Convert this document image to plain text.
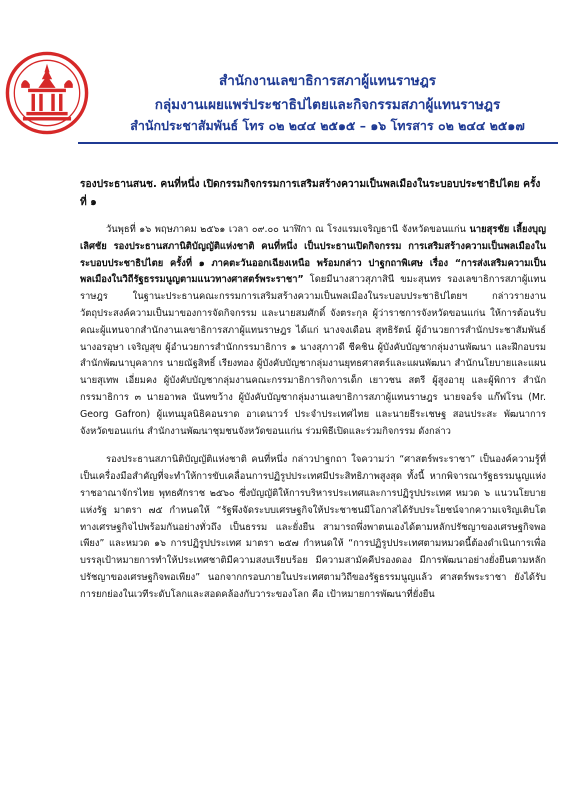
สำนักงานเลขาธิการสภาผู้แทนราษฎร
กลุ่มงานเผยแพร่ประชาธิปไตยและกิจกรรมสภาผู้แทนราษฎร
สำนักประชาสัมพันธ์ โทร ๐๒ ๒๔๔ ๒๕๑๕ – ๑๖ โทรสาร ๐๒ ๒๔๔ ๒๕๑๗

รองประธานสนช. คนที่หนึ่ง เปิดกรรมกิจกรรมการเสริมสร้างความเป็นพลเมืองในระบอบประชาธิปไตย ครั้งที่ ๑

วันพุธที่ ๑๖ พฤษภาคม ๒๕๖๑ เวลา ๐๙.๐๐ นาฬิกา ณ โรงแรมเจริญธานี จังหวัดขอนแก่น นายสุรชัย เลี้ยงบุญเลิศชัย รองประธานสภานิติบัญญัติแห่งชาติ คนที่หนึ่ง เป็นประธานเปิดกิจกรรม การเสริมสร้างความเป็นพลเมืองในระบอบประชาธิปไตย ครั้งที่ ๑ ภาคตะวันออกเฉียงเหนือ พร้อมกล่าว ปาฐกถาพิเศษ เรื่อง “การส่งเสริมความเป็นพลเมืองในวิถีรัฐธรรมนูญตามแนวทางศาสตร์พระราชา” โดยมีนางสาวสุภาสินี ขมะสุนทร รองเลขาธิการสภาผู้แทนราษฎร ในฐานะประธานคณะกรรมการเสริมสร้างความเป็นพลเมืองในระบอบประชาธิปไตยฯ กล่าวรายงานวัตถุประสงค์ความเป็นมาของการจัดกิจกรรม และนายสมศักดิ์ จังตระกุล ผู้ว่าราชการจังหวัดขอนแก่น ให้การต้อนรับ คณะผู้แทนจากสำนักงานเลขาธิการสภาผู้แทนราษฎร ได้แก่ นางจงเดือน สุทธิรัตน์ ผู้อำนวยการสำนักประชาสัมพันธ์ นางอรอุษา เจริญสุข ผู้อำนวยการสำนักกรรมาธิการ ๑ นางสุภาวดี ชีคชิน ผู้บังคับบัญชากลุ่มงานพัฒนา และฝึกอบรม สำนักพัฒนาบุคลากร นายณัฐสิทธิ์ เรียงทอง ผู้บังคับบัญชากลุ่มงานยุทธศาสตร์และแผนพัฒนา สำนักนโยบายและแผน นายสุเทพ เอี่ยมคง ผู้บังคับบัญชากลุ่มงานคณะกรรมาธิการกิจการเด็ก เยาวชน สตรี ผู้สูงอายุ และผู้พิการ สำนักกรรมาธิการ ๓ นายอาพล นันทขว้าง ผู้บังคับบัญชากลุ่มงานเลขาธิการสภาผู้แทนราษฎร นายจอร์จ แก๊ฟโรน (Mr. Georg Gafron) ผู้แทนมูลนิธิคอนราด อาเดนาวร์ ประจำประเทศไทย และนายธีระเชษฐ สอนประสะ พัฒนาการจังหวัดขอนแก่น สำนักงานพัฒนาชุมชนจังหวัดขอนแก่น ร่วมพิธีเปิดและร่วมกิจกรรม ดังกล่าว

รองประธานสภานิติบัญญัติแห่งชาติ คนที่หนึ่ง กล่าวปาฐกถา ใจความว่า “ศาสตร์พระราชา” เป็นองค์ความรู้ที่เป็นเครื่องมือสำคัญที่จะทำให้การขับเคลื่อนการปฏิรูปประเทศมีประสิทธิภาพสูงสุด ทั้งนี้ หากพิจารณารัฐธรรมนูญแห่งราชอาณาจักรไทย พุทธศักราช ๒๕๖๐ ซึ่งบัญญัติให้การบริหารประเทศและการปฏิรูปประเทศ หมวด ๖ แนวนโยบายแห่งรัฐ มาตรา ๗๕ กำหนดให้ “รัฐพึงจัดระบบเศรษฐกิจให้ประชาชนมีโอกาสได้รับประโยชน์จากความเจริญเติบโตทางเศรษฐกิจไปพร้อมกันอย่างทั่วถึง เป็นธรรม และยั่งยืน สามารถพึ่งพาตนเองได้ตามหลักปรัชญาของเศรษฐกิจพอเพียง” และหมวด ๑๖ การปฏิรูปประเทศ มาตรา ๒๕๗ กำหนดให้ “การปฏิรูปประเทศตามหมวดนี้ต้องดำเนินการเพื่อบรรลุเป้าหมายการทำให้ประเทศชาติมีความสงบเรียบร้อย มีความสามัคคีปรองดอง มีการพัฒนาอย่างยั่งยืนตามหลักปรัชญาของเศรษฐกิจพอเพียง” นอกจากกรอบภายในประเทศตามวิถีของรัฐธรรมนูญแล้ว ศาสตร์พระราชา ยังได้รับการยกย่องในเวทีระดับโลกและสอดคล้องกับวาระของโลก คือ เป้าหมายการพัฒนาที่ยั่งยืน
